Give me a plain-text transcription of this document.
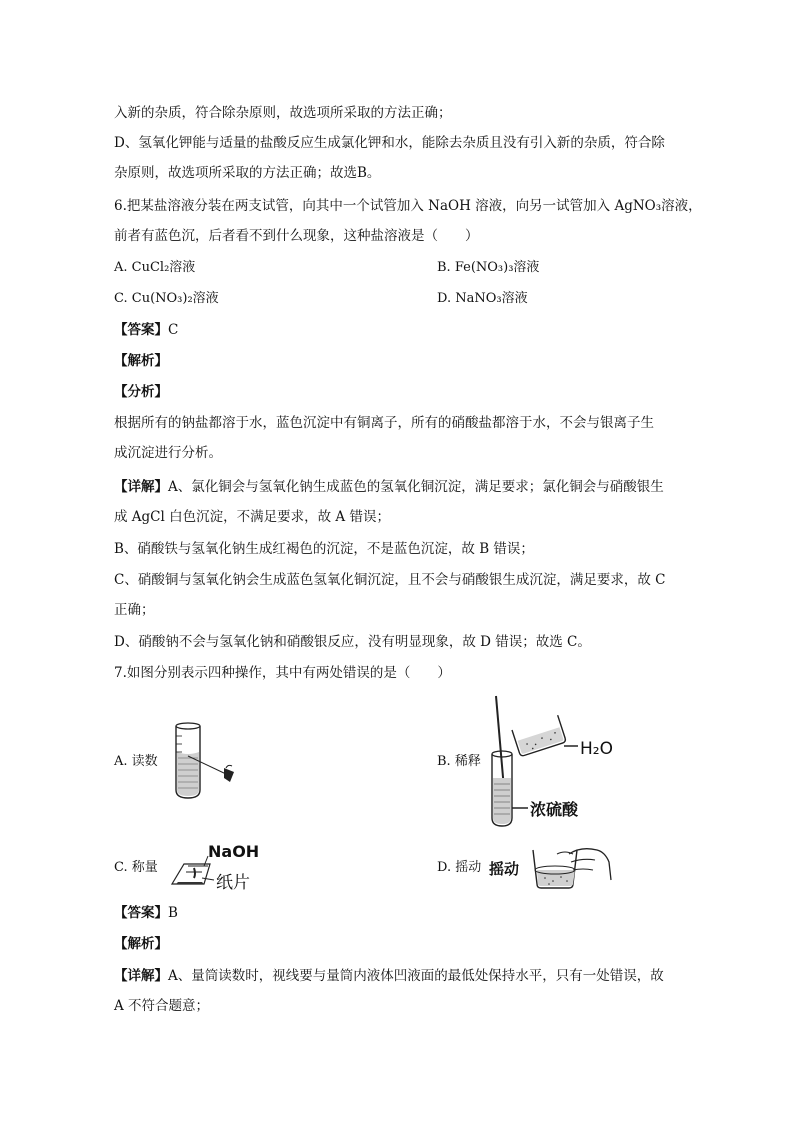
入新的杂质，符合除杂原则，故选项所采取的方法正确；
D、氢氧化钾能与适量的盐酸反应生成氯化钾和水，能除去杂质且没有引入新的杂质，符合除
杂原则，故选项所采取的方法正确；故选B。
6.把某盐溶液分装在两支试管，向其中一个试管加入 NaOH 溶液，向另一试管加入 AgNO₃溶液，
前者有蓝色沉，后者看不到什么现象，这种盐溶液是（　　）
A. CuCl₂溶液	B. Fe(NO₃)₃溶液
C. Cu(NO₃)₂溶液	D. NaNO₃溶液
【答案】C
【解析】
【分析】
根据所有的钠盐都溶于水，蓝色沉淀中有铜离子，所有的硝酸盐都溶于水，不会与银离子生
成沉淀进行分析。
【详解】A、氯化铜会与氢氧化钠生成蓝色的氢氧化铜沉淀，满足要求；氯化铜会与硝酸银生
成 AgCl 白色沉淀，不满足要求，故 A 错误；
B、硝酸铁与氢氧化钠生成红褐色的沉淀，不是蓝色沉淀，故 B 错误；
C、硝酸铜与氢氧化钠会生成蓝色氢氧化铜沉淀，且不会与硝酸银生成沉淀，满足要求，故 C
正确；
D、硝酸钠不会与氢氧化钠和硝酸银反应，没有明显现象，故 D 错误；故选 C。
7.如图分别表示四种操作，其中有两处错误的是（　　）
A. 读数	B. 稀释
H₂O
浓硫酸
C. 称量
NaOH
纸片
D. 摇动 摇动
【答案】B
【解析】
【详解】A、量筒读数时，视线要与量筒内液体凹液面的最低处保持水平，只有一处错误，故
A 不符合题意；
